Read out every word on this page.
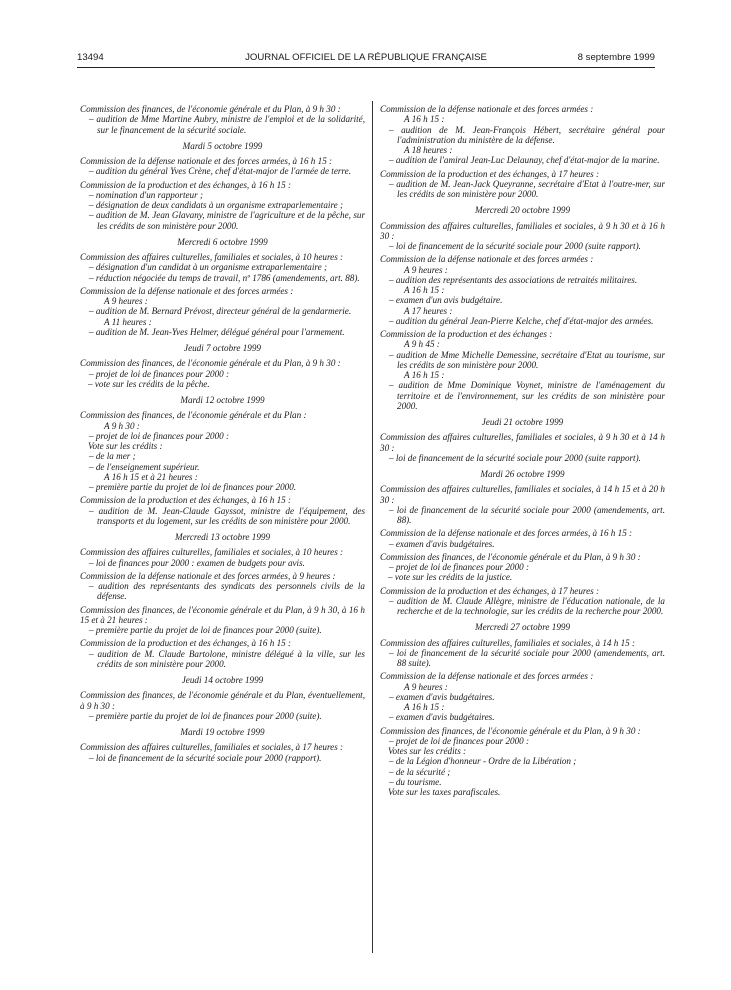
13494	JOURNAL OFFICIEL DE LA RÉPUBLIQUE FRANÇAISE	8 septembre 1999

Commission des finances, de l'économie générale et du Plan, à 9 h 30 :

– audition de Mme Martine Aubry, ministre de l'emploi et de la solidarité, sur le financement de la sécurité sociale.

Mardi 5 octobre 1999

Commission de la défense nationale et des forces armées, à 16 h 15 :

– audition du général Yves Crène, chef d'état-major de l'armée de terre.

Commission de la production et des échanges, à 16 h 15 :

– nomination d'un rapporteur ;

– désignation de deux candidats à un organisme extraparlementaire ;

– audition de M. Jean Glavany, ministre de l'agriculture et de la pêche, sur les crédits de son ministère pour 2000.

Mercredi 6 octobre 1999

Commission des affaires culturelles, familiales et sociales, à 10 heures :

– désignation d'un candidat à un organisme extraparlementaire ;

– réduction négociée du temps de travail, nº 1786 (amendements, art. 88).

Commission de la défense nationale et des forces armées :

A 9 heures :

– audition de M. Bernard Prévost, directeur général de la gendarmerie.

A 11 heures :

– audition de M. Jean-Yves Helmer, délégué général pour l'armement.

Jeudi 7 octobre 1999

Commission des finances, de l'économie générale et du Plan, à 9 h 30 :

– projet de loi de finances pour 2000 :

– vote sur les crédits de la pêche.

Mardi 12 octobre 1999

Commission des finances, de l'économie générale et du Plan :

A 9 h 30 :

– projet de loi de finances pour 2000 :

Vote sur les crédits :

– de la mer ;

– de l'enseignement supérieur.

A 16 h 15 et à 21 heures :

– première partie du projet de loi de finances pour 2000.

Commission de la production et des échanges, à 16 h 15 :

– audition de M. Jean-Claude Gayssot, ministre de l'équipement, des transports et du logement, sur les crédits de son ministère pour 2000.

Mercredi 13 octobre 1999

Commission des affaires culturelles, familiales et sociales, à 10 heures :

– loi de finances pour 2000 : examen de budgets pour avis.

Commission de la défense nationale et des forces armées, à 9 heures :

– audition des représentants des syndicats des personnels civils de la défense.

Commission des finances, de l'économie générale et du Plan, à 9 h 30, à 16 h 15 et à 21 heures :

– première partie du projet de loi de finances pour 2000 (suite).

Commission de la production et des échanges, à 16 h 15 :

– audition de M. Claude Bartolone, ministre délégué à la ville, sur les crédits de son ministère pour 2000.

Jeudi 14 octobre 1999

Commission des finances, de l'économie générale et du Plan, éventuellement, à 9 h 30 :

– première partie du projet de loi de finances pour 2000 (suite).

Mardi 19 octobre 1999

Commission des affaires culturelles, familiales et sociales, à 17 heures :

– loi de financement de la sécurité sociale pour 2000 (rapport).

Commission de la défense nationale et des forces armées :

A 16 h 15 :

– audition de M. Jean-François Hébert, secrétaire général pour l'administration du ministère de la défense.

A 18 heures :

– audition de l'amiral Jean-Luc Delaunay, chef d'état-major de la marine.

Commission de la production et des échanges, à 17 heures :

– audition de M. Jean-Jack Queyranne, secrétaire d'Etat à l'outre-mer, sur les crédits de son ministère pour 2000.

Mercredi 20 octobre 1999

Commission des affaires culturelles, familiales et sociales, à 9 h 30 et à 16 h 30 :

– loi de financement de la sécurité sociale pour 2000 (suite rapport).

Commission de la défense nationale et des forces armées :

A 9 heures :

– audition des représentants des associations de retraités militaires.

A 16 h 15 :

– examen d'un avis budgétaire.

A 17 heures :

– audition du général Jean-Pierre Kelche, chef d'état-major des armées.

Commission de la production et des échanges :

A 9 h 45 :

– audition de Mme Michelle Demessine, secrétaire d'Etat au tourisme, sur les crédits de son ministère pour 2000.

A 16 h 15 :

– audition de Mme Dominique Voynet, ministre de l'aménagement du territoire et de l'environnement, sur les crédits de son ministère pour 2000.

Jeudi 21 octobre 1999

Commission des affaires culturelles, familiales et sociales, à 9 h 30 et à 14 h 30 :

– loi de financement de la sécurité sociale pour 2000 (suite rapport).

Mardi 26 octobre 1999

Commission des affaires culturelles, familiales et sociales, à 14 h 15 et à 20 h 30 :

– loi de financement de la sécurité sociale pour 2000 (amendements, art. 88).

Commission de la défense nationale et des forces armées, à 16 h 15 :

– examen d'avis budgétaires.

Commission des finances, de l'économie générale et du Plan, à 9 h 30 :

– projet de loi de finances pour 2000 :

– vote sur les crédits de la justice.

Commission de la production et des échanges, à 17 heures :

– audition de M. Claude Allègre, ministre de l'éducation nationale, de la recherche et de la technologie, sur les crédits de la recherche pour 2000.

Mercredi 27 octobre 1999

Commission des affaires culturelles, familiales et sociales, à 14 h 15 :

– loi de financement de la sécurité sociale pour 2000 (amendements, art. 88 suite).

Commission de la défense nationale et des forces armées :

A 9 heures :

– examen d'avis budgétaires.

A 16 h 15 :

– examen d'avis budgétaires.

Commission des finances, de l'économie générale et du Plan, à 9 h 30 :

– projet de loi de finances pour 2000 :

Votes sur les crédits :

– de la Légion d'honneur - Ordre de la Libération ;

– de la sécurité ;

– du tourisme.

Vote sur les taxes parafiscales.
